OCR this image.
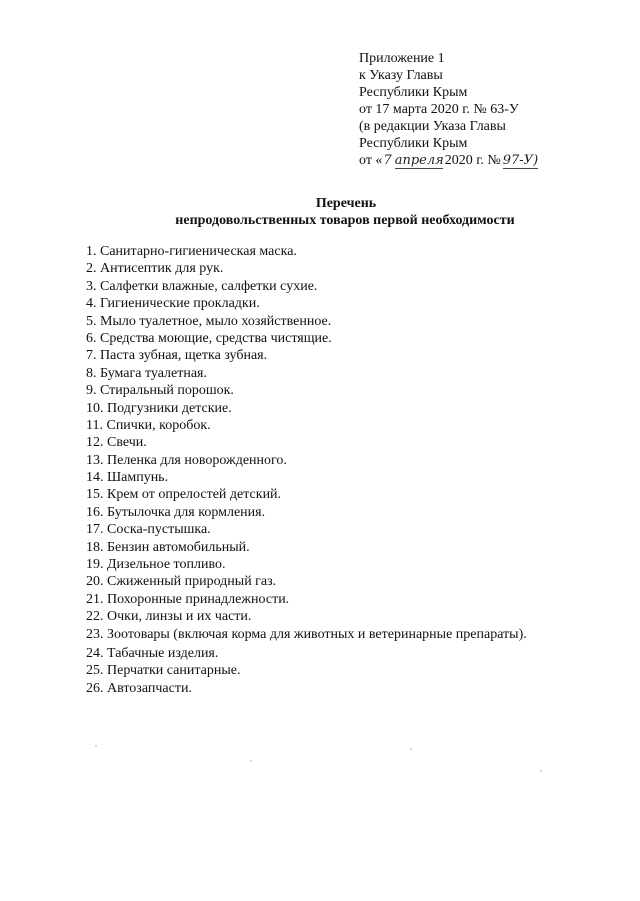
Приложение 1
к Указу Главы
Республики Крым
от 17 марта 2020 г. № 63-У
(в редакции Указа Главы
Республики Крым
от « 7 апреля 2020 г. № 97-У)
Перечень
непродовольственных товаров первой необходимости
1. Санитарно-гигиеническая маска.
2. Антисептик для рук.
3. Салфетки влажные, салфетки сухие.
4. Гигиенические прокладки.
5. Мыло туалетное, мыло хозяйственное.
6. Средства моющие, средства чистящие.
7. Паста зубная, щетка зубная.
8. Бумага туалетная.
9. Стиральный порошок.
10. Подгузники детские.
11. Спички, коробок.
12. Свечи.
13. Пеленка для новорожденного.
14. Шампунь.
15. Крем от опрелостей детский.
16. Бутылочка для кормления.
17. Соска-пустышка.
18. Бензин автомобильный.
19. Дизельное топливо.
20. Сжиженный природный газ.
21. Похоронные принадлежности.
22. Очки, линзы и их части.
23. Зоотовары (включая корма для животных и ветеринарные препараты).
24. Табачные изделия.
25. Перчатки санитарные.
26. Автозапчасти.
